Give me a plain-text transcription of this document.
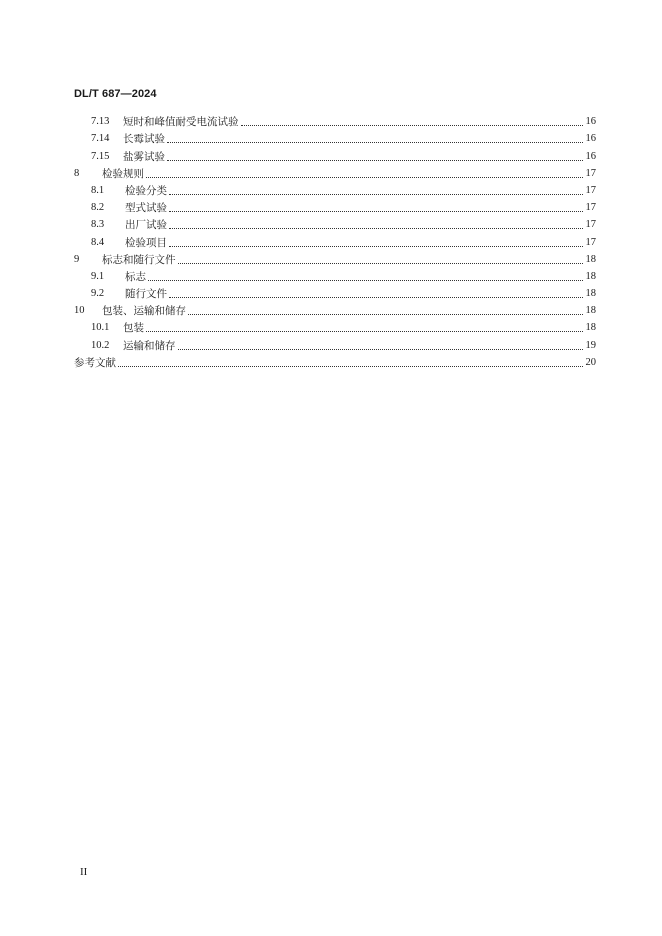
DL/T 687—2024
7.13	短时和峰值耐受电流试验	16
7.14	长霉试验	16
7.15	盐雾试验	16
8	检验规则	17
8.1	检验分类	17
8.2	型式试验	17
8.3	出厂试验	17
8.4	检验项目	17
9	标志和随行文件	18
9.1	标志	18
9.2	随行文件	18
10	包装、运输和储存	18
10.1	包装	18
10.2	运输和储存	19
参考文献	20
II
